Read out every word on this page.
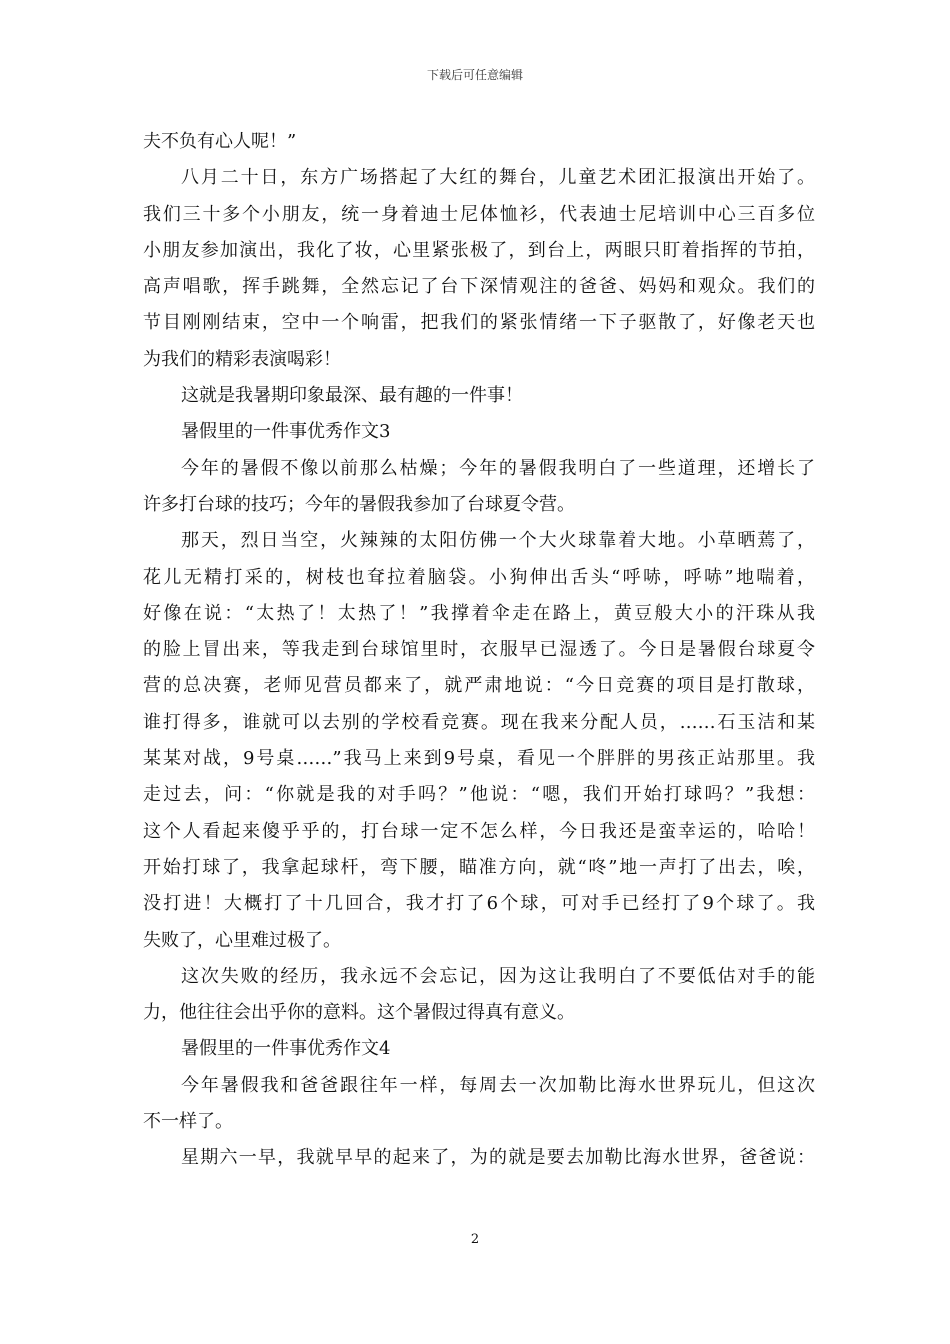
下载后可任意编辑
夫不负有心人呢！”
八月二十日，东方广场搭起了大红的舞台，儿童艺术团汇报演出开始了。
我们三十多个小朋友，统一身着迪士尼体恤衫，代表迪士尼培训中心三百多位
小朋友参加演出，我化了妆，心里紧张极了，到台上，两眼只盯着指挥的节拍，
高声唱歌，挥手跳舞，全然忘记了台下深情观注的爸爸、妈妈和观众。我们的
节目刚刚结束，空中一个响雷，把我们的紧张情绪一下子驱散了，好像老天也
为我们的精彩表演喝彩！
这就是我暑期印象最深、最有趣的一件事！
暑假里的一件事优秀作文3
今年的暑假不像以前那么枯燥；今年的暑假我明白了一些道理，还增长了
许多打台球的技巧；今年的暑假我参加了台球夏令营。
那天，烈日当空，火辣辣的太阳仿佛一个大火球靠着大地。小草晒蔫了，
花儿无精打采的，树枝也耷拉着脑袋。小狗伸出舌头“呼哧，呼哧”地喘着，
好像在说：“太热了！太热了！”我撑着伞走在路上，黄豆般大小的汗珠从我
的脸上冒出来，等我走到台球馆里时，衣服早已湿透了。今日是暑假台球夏令
营的总决赛，老师见营员都来了，就严肃地说：“今日竞赛的项目是打散球，
谁打得多，谁就可以去别的学校看竞赛。现在我来分配人员，……石玉洁和某
某某对战，9号桌……”我马上来到9号桌，看见一个胖胖的男孩正站那里。我
走过去，问：“你就是我的对手吗？”他说：“嗯，我们开始打球吗？”我想：
这个人看起来傻乎乎的，打台球一定不怎么样，今日我还是蛮幸运的，哈哈！
开始打球了，我拿起球杆，弯下腰，瞄准方向，就“咚”地一声打了出去，唉，
没打进！大概打了十几回合，我才打了6个球，可对手已经打了9个球了。我
失败了，心里难过极了。
这次失败的经历，我永远不会忘记，因为这让我明白了不要低估对手的能
力，他往往会出乎你的意料。这个暑假过得真有意义。
暑假里的一件事优秀作文4
今年暑假我和爸爸跟往年一样，每周去一次加勒比海水世界玩儿，但这次
不一样了。
星期六一早，我就早早的起来了，为的就是要去加勒比海水世界，爸爸说：
2
